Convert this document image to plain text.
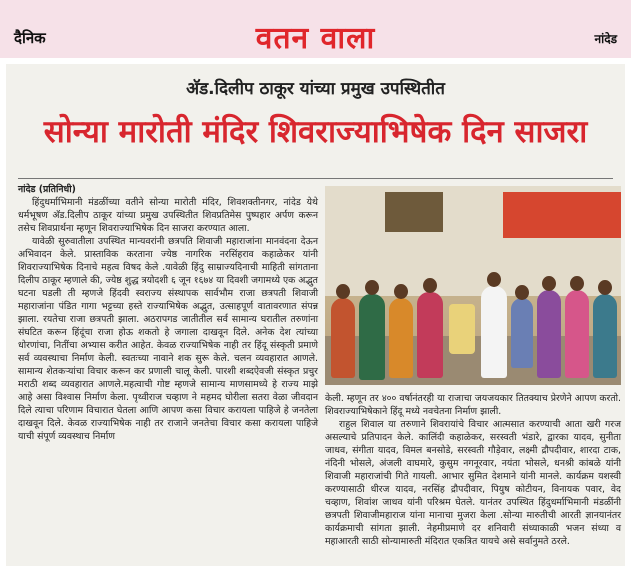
दैनिक	वतन वाला	नांदेड
अ‍ॅड.दिलीप ठाकूर यांच्या प्रमुख उपस्थितीत
सोन्या मारोती मंदिर शिवराज्याभिषेक दिन साजरा
नांदेड (प्रतिनिधी)

हिंदुधर्माभिमानी मंडळींच्या वतीने सोन्या मारोती मंदिर, शिवशक्तीनगर, नांदेड येथे धर्मभूषण अ‍ॅड.दिलीप ठाकूर यांच्या प्रमुख उपस्थितीत शिवप्रतिमेस पुष्पहार अर्पण करून तसेच शिवप्रार्थना म्हणून शिवराज्याभिषेक दिन साजरा करण्यात आला.

यावेळी सुरुवातीला उपस्थित मान्यवरांनी छत्रपति शिवाजी महाराजांना मानवंदना देऊन अभिवादन केले. प्रास्ताविक करताना ज्येष्ठ नागरिक नरसिंहराव कहाळेकर यांनी शिवराज्याभिषेक दिनाचे महत्व विषद केले .यावेळी हिंदु साम्राज्यदिनाची माहिती सांगताना दिलीप ठाकूर म्हणाले की, ज्येष्ठ शुद्ध त्रयोदशी ६ जून १६७४ या दिवशी जगामध्ये एक अद्भुत घटना घडली ती म्हणजे हिंदवी स्वराज्य संस्थापक सार्वभौम राजा छत्रपती शिवाजी महाराजांना पंडित गागा भट्टच्या हस्ते राज्याभिषेक अद्भुत, उत्साहपूर्ण वातावरणात संपन्न झाला. रयतेचा राजा छत्रपती झाला. अठरापगड जातीतील सर्व सामान्य घरातील तरुणांना संघटित करून हिंदूंचा राजा होऊ शकतो हे जगाला दाखवून दिले. अनेक देश त्यांच्या धोरणांचा, नितींचा अभ्यास करीत आहेत. केवळ राज्याभिषेक नाही तर हिंदू संस्कृती प्रमाणे सर्व व्यवस्थाचा निर्माण केली. स्वतःच्या नावाने शक सुरू केले. चलन व्यवहारात आणले. सामान्य शेतकऱ्यांचा विचार करून कर प्रणाली चालू केली. पारशी शब्दऐवजी संस्कृत प्रचुर मराठी शब्द व्यवहारात आणले.महत्वाची गोष्ट म्हणजे सामान्य माणसामध्ये हे राज्य माझे आहे असा विश्वास निर्माण केला. पृथ्वीराज चव्हाण ने महमद घोरीला सतरा वेळा जीवदान दिले त्याचा परिणाम विचारात घेतला आणि आपण कसा विचार करायला पाहिजे हे जनतेला दाखवून दिले. केवळ राज्याभिषेक नाही तर राजाने जनतेचा विचार कसा करायला पाहिजे याची संपूर्ण व्यवस्थाच निर्माण

केली. म्हणून तर ४०० वर्षानंतरही या राजाचा जयजयकार तितक्याच प्रेरणेने आपण करतो. शिवराज्याभिषेकाने हिंदू मध्ये नवचेतना निर्माण झाली.

राहुल शिवाल या तरुणाने शिवरायांचे विचार आत्मसात करण्याची आता खरी गरज असल्याचे प्रतिपादन केले. कालिंदी कहाळेकर, सरस्वती भंडारे, द्वारका यादव, सुनीता जाधव, संगीता यादव, विमल बनसोडे, सरस्वती गौड़ेवार, लक्ष्मी द्रौपदीवार, शारदा टाक, नंदिनी भोसले, अंजली वाघमारे, कुसुम नगनूरवार, नयंता भोसले, धनश्री कांबळे यांनी शिवाजी महाराजांची गिते गायली. आभार सुमित देशमाने यांनी मानले. कार्यक्रम यशस्वी करण्यासाठी धीरज यादव, नरसिंह द्रौपदीवार, पियुष कोटीयन, विनायक पवार, वेद चव्हाण, शिवांश जाधव यांनी परिश्रम घेतले. यानंतर उपस्थित हिंदुधर्माभिमानी मंडळींनी छत्रपती शिवाजीमहाराज यांना मानाचा मुजरा केला .सोन्या मारुतीची आरती ज्ञानयानंतर कार्यक्रमाची सांगता झाली. नेहमीप्रमाणे दर शनिवारी संध्याकाळी भजन संध्या व महाआरती साठी सोन्यामारुती मंदिरात एकत्रित यायचे असे सर्वानुमते ठरले.
